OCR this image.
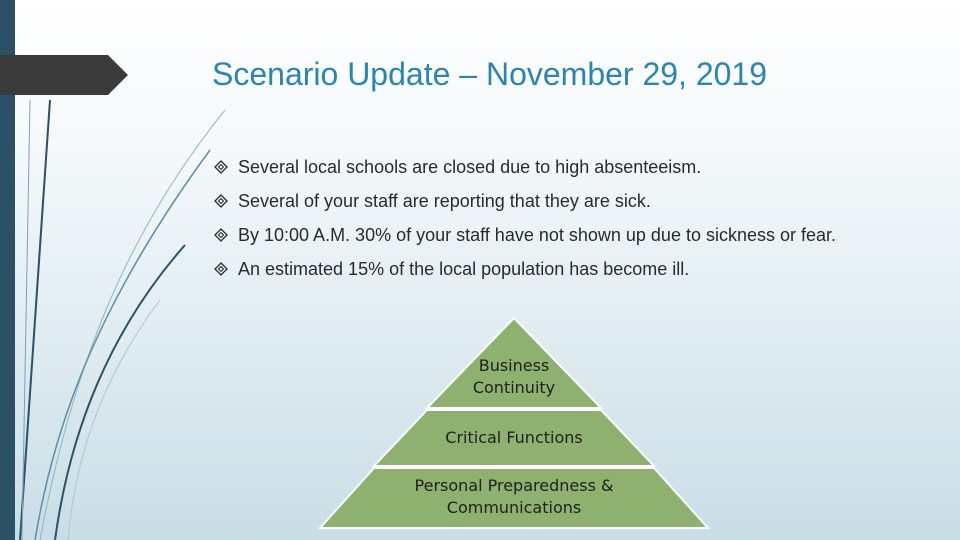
Scenario Update – November 29, 2019
Several local schools are closed due to high absenteeism.
Several of your staff are reporting that they are sick.
By 10:00 A.M. 30% of your staff have not shown up due to sickness or fear.
An estimated 15% of the local population has become ill.
Business
Continuity
Critical Functions
Personal Preparedness &
Communications
